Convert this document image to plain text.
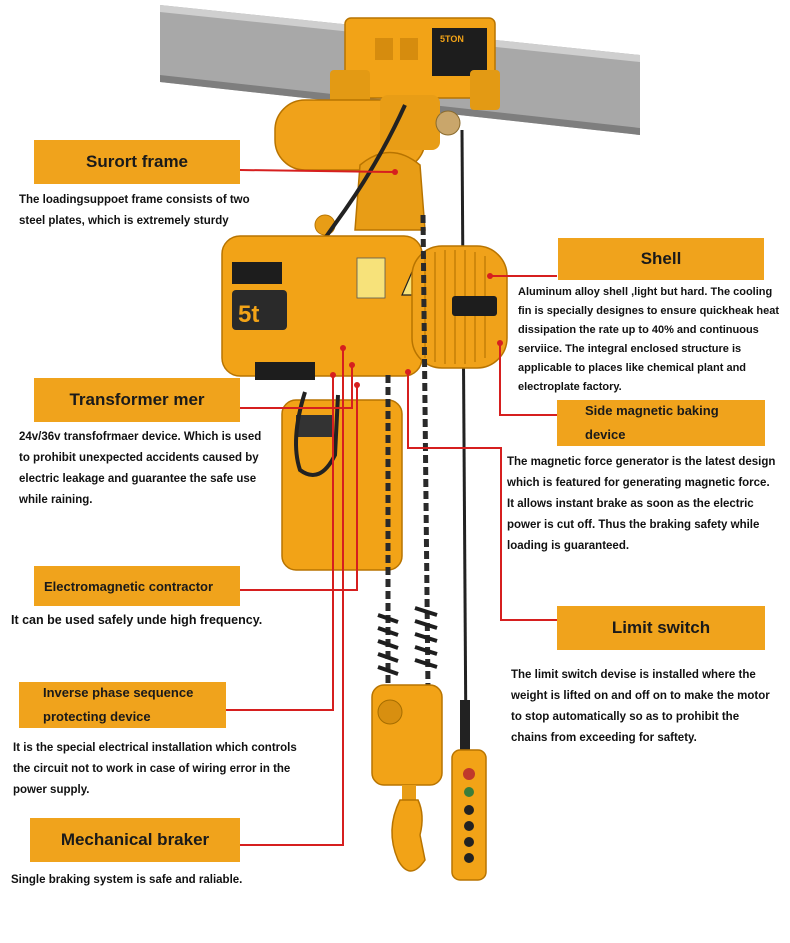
5TON
5t
Surort frame

The loadingsuppoet frame consists of two

steel plates, which is extremely sturdy

Shell

Aluminum alloy shell ,light but hard. The cooling

fin is specially designes to ensure quickheak heat

dissipation the rate up to 40% and continuous

serviice. The integral enclosed structure is

applicable to places like chemical plant and

electroplate factory.

Transformer mer

24v/36v transfofrmaer device. Which is used

to prohibit unexpected accidents caused by

electric leakage and guarantee the safe use

while raining.

Side magnetic baking
device

The magnetic force generator is the latest design

which is featured for generating magnetic force.

It allows instant brake as soon as the electric

power is cut off. Thus the braking safety while

loading is guaranteed.

Electromagnetic contractor

It can be used safely unde high frequency.	Limit switch

The limit switch devise is installed where the

weight is lifted on and off on to make the motor

to stop automatically so as to prohibit the

chains from exceeding for saftety.

Inverse phase sequence
protecting device

It is the special electrical installation which controls

the circuit not to work in case of wiring error in the

power supply.

Mechanical braker

Single braking system is safe and raliable.
